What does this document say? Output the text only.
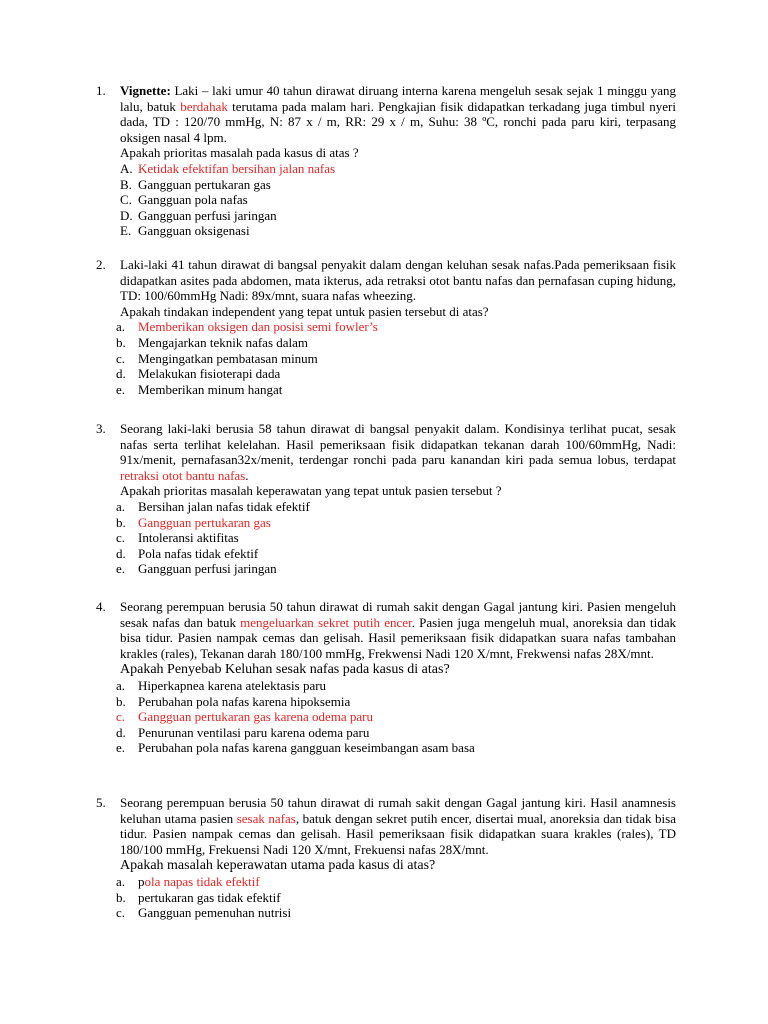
1. Vignette: Laki – laki umur 40 tahun dirawat diruang interna karena mengeluh sesak sejak 1 minggu yang lalu, batuk berdahak terutama pada malam hari. Pengkajian fisik didapatkan terkadang juga timbul nyeri dada, TD : 120/70 mmHg, N: 87 x / m, RR: 29 x / m, Suhu: 38 ºC, ronchi pada paru kiri, terpasang oksigen nasal 4 lpm.
Apakah prioritas masalah pada kasus di atas ?
A. Ketidak efektifan bersihan jalan nafas
B. Gangguan pertukaran gas
C. Gangguan pola nafas
D. Gangguan perfusi jaringan
E. Gangguan oksigenasi
2. Laki-laki 41 tahun dirawat di bangsal penyakit dalam dengan keluhan sesak nafas.Pada pemeriksaan fisik didapatkan asites pada abdomen, mata ikterus, ada retraksi otot bantu nafas dan pernafasan cuping hidung, TD: 100/60mmHg Nadi: 89x/mnt, suara nafas wheezing.
Apakah tindakan independent yang tepat untuk pasien tersebut di atas?
a. Memberikan oksigen dan posisi semi fowler’s
b. Mengajarkan teknik nafas dalam
c. Mengingatkan pembatasan minum
d. Melakukan fisioterapi dada
e. Memberikan minum hangat
3. Seorang laki-laki berusia 58 tahun dirawat di bangsal penyakit dalam. Kondisinya terlihat pucat, sesak nafas serta terlihat kelelahan. Hasil pemeriksaan fisik didapatkan tekanan darah 100/60mmHg, Nadi: 91x/menit, pernafasan32x/menit, terdengar ronchi pada paru kanandan kiri pada semua lobus, terdapat retraksi otot bantu nafas.
Apakah prioritas masalah keperawatan yang tepat untuk pasien tersebut ?
a. Bersihan jalan nafas tidak efektif
b. Gangguan pertukaran gas
c. Intoleransi aktifitas
d. Pola nafas tidak efektif
e. Gangguan perfusi jaringan
4. Seorang perempuan berusia 50 tahun dirawat di rumah sakit dengan Gagal jantung kiri. Pasien mengeluh sesak nafas dan batuk mengeluarkan sekret putih encer. Pasien juga mengeluh mual, anoreksia dan tidak bisa tidur. Pasien nampak cemas dan gelisah. Hasil pemeriksaan fisik didapatkan suara nafas tambahan krakles (rales), Tekanan darah 180/100 mmHg, Frekwensi Nadi 120 X/mnt, Frekwensi nafas 28X/mnt.
Apakah Penyebab Keluhan sesak nafas pada kasus di atas?
a. Hiperkapnea karena atelektasis paru
b. Perubahan pola nafas karena hipoksemia
c. Gangguan pertukaran gas karena odema paru
d. Penurunan ventilasi paru karena odema paru
e. Perubahan pola nafas karena gangguan keseimbangan asam basa
5. Seorang perempuan berusia 50 tahun dirawat di rumah sakit dengan Gagal jantung kiri. Hasil anamnesis keluhan utama pasien sesak nafas, batuk dengan sekret putih encer, disertai mual, anoreksia dan tidak bisa tidur. Pasien nampak cemas dan gelisah. Hasil pemeriksaan fisik didapatkan suara krakles (rales), TD 180/100 mmHg, Frekuensi Nadi 120 X/mnt, Frekuensi nafas 28X/mnt.
Apakah masalah keperawatan utama pada kasus di atas?
a. pola napas tidak efektif
b. pertukaran gas tidak efektif
c. Gangguan pemenuhan nutrisi
